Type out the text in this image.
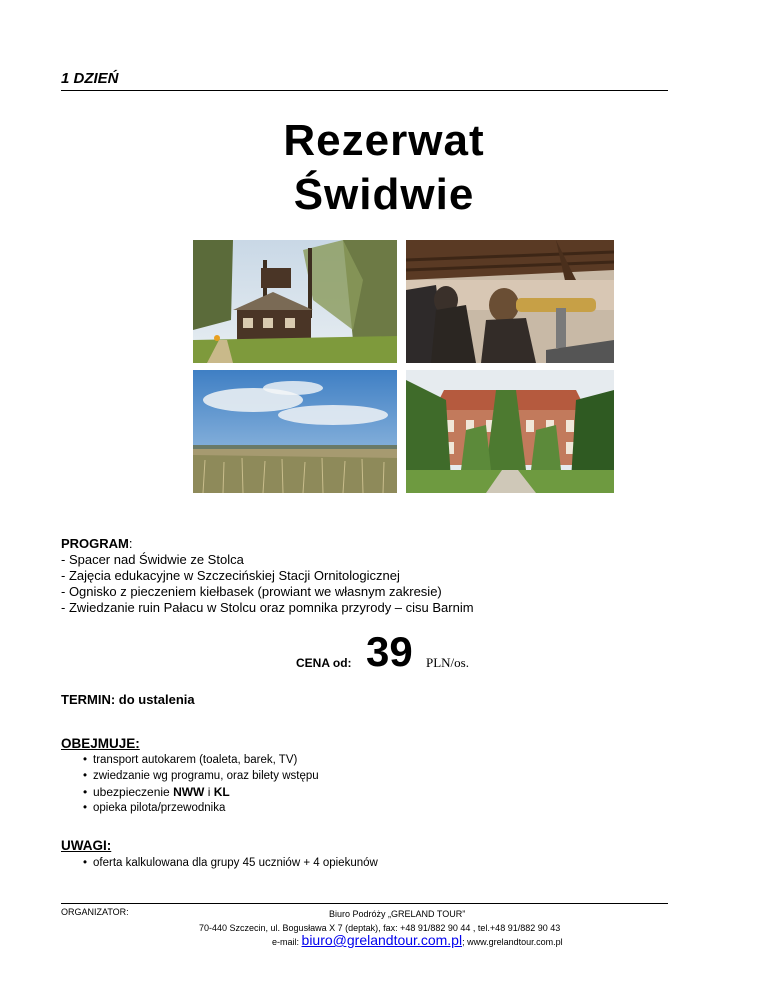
1 DZIEŃ
Rezerwat
Świdwie
PROGRAM:
- Spacer nad Świdwie ze Stolca
- Zajęcia edukacyjne w Szczecińskiej Stacji Ornitologicznej
- Ognisko z pieczeniem kiełbasek (prowiant we własnym zakresie)
- Zwiedzanie ruin Pałacu w Stolcu oraz pomnika przyrody – cisu Barnim
CENA od: 39 PLN/os.
TERMIN: do ustalenia
OBEJMUJE:
• transport autokarem (toaleta, barek, TV)
• zwiedzanie wg programu, oraz bilety wstępu
• ubezpieczenie NWW i KL
• opieka pilota/przewodnika
UWAGI:
• oferta kalkulowana dla grupy 45 uczniów + 4 opiekunów
ORGANIZATOR:	Biuro Podróży „GRELAND TOUR”
70-440 Szczecin, ul. Bogusława X 7 (deptak), fax: +48 91/882 90 44 , tel.+48 91/882 90 43
e-mail: biuro@grelandtour.com.pl; www.grelandtour.com.pl
